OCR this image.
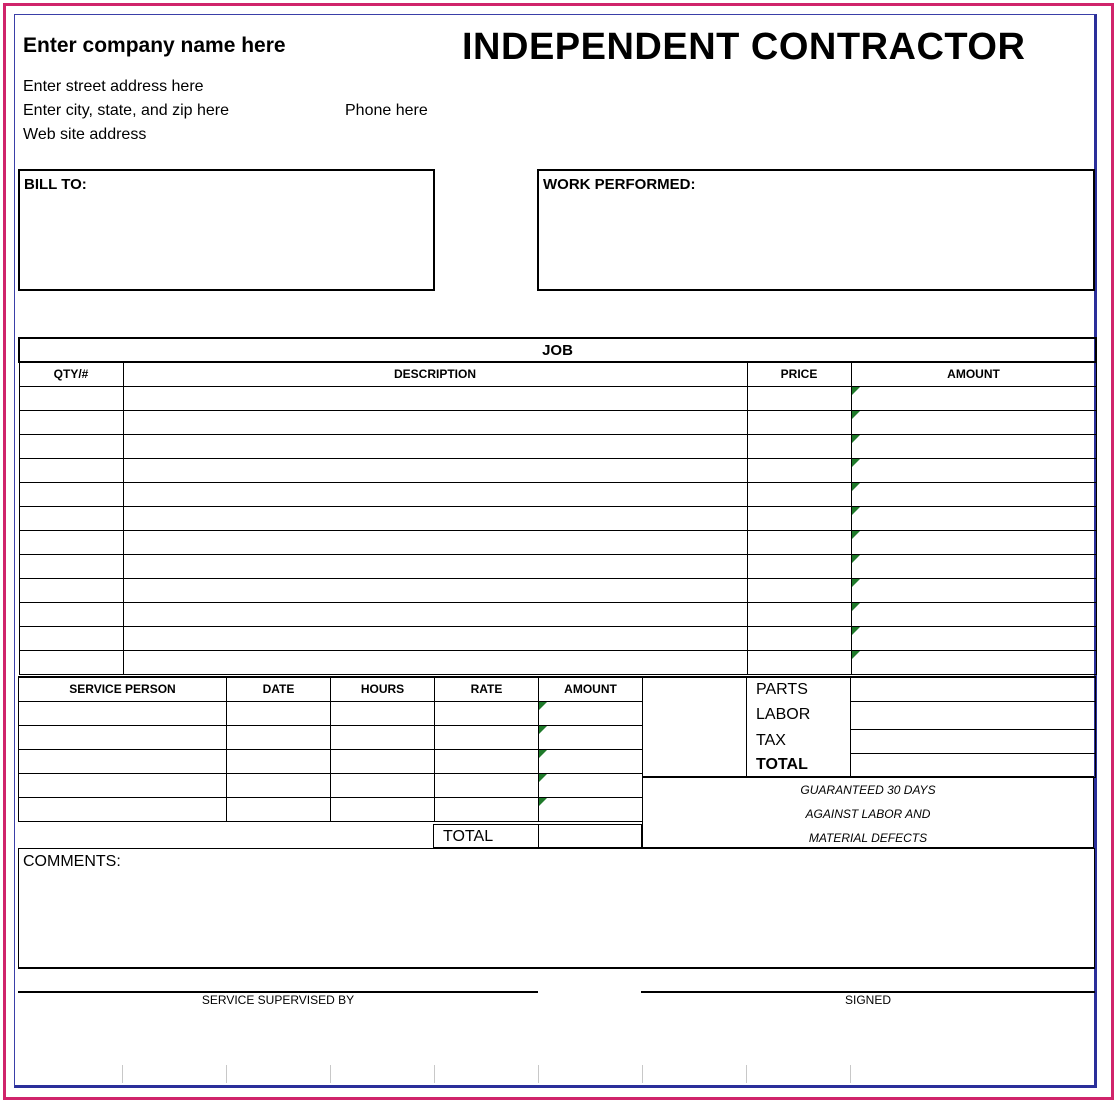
Enter company name here	INDEPENDENT CONTRACTOR
Enter street address here
Enter city, state, and zip here	Phone here
Web site address
BILL TO:	WORK PERFORMED:
JOB			
QTY/#	DESCRIPTION	PRICE	AMOUNT

SERVICE PERSON	DATE	HOURS	RATE	AMOUNT

TOTAL
	PARTS	
	LABOR	
	TAX	
	TOTAL	
GUARANTEED 30 DAYS
AGAINST LABOR AND
MATERIAL DEFECTS
COMMENTS:
SERVICE SUPERVISED BY	SIGNED
